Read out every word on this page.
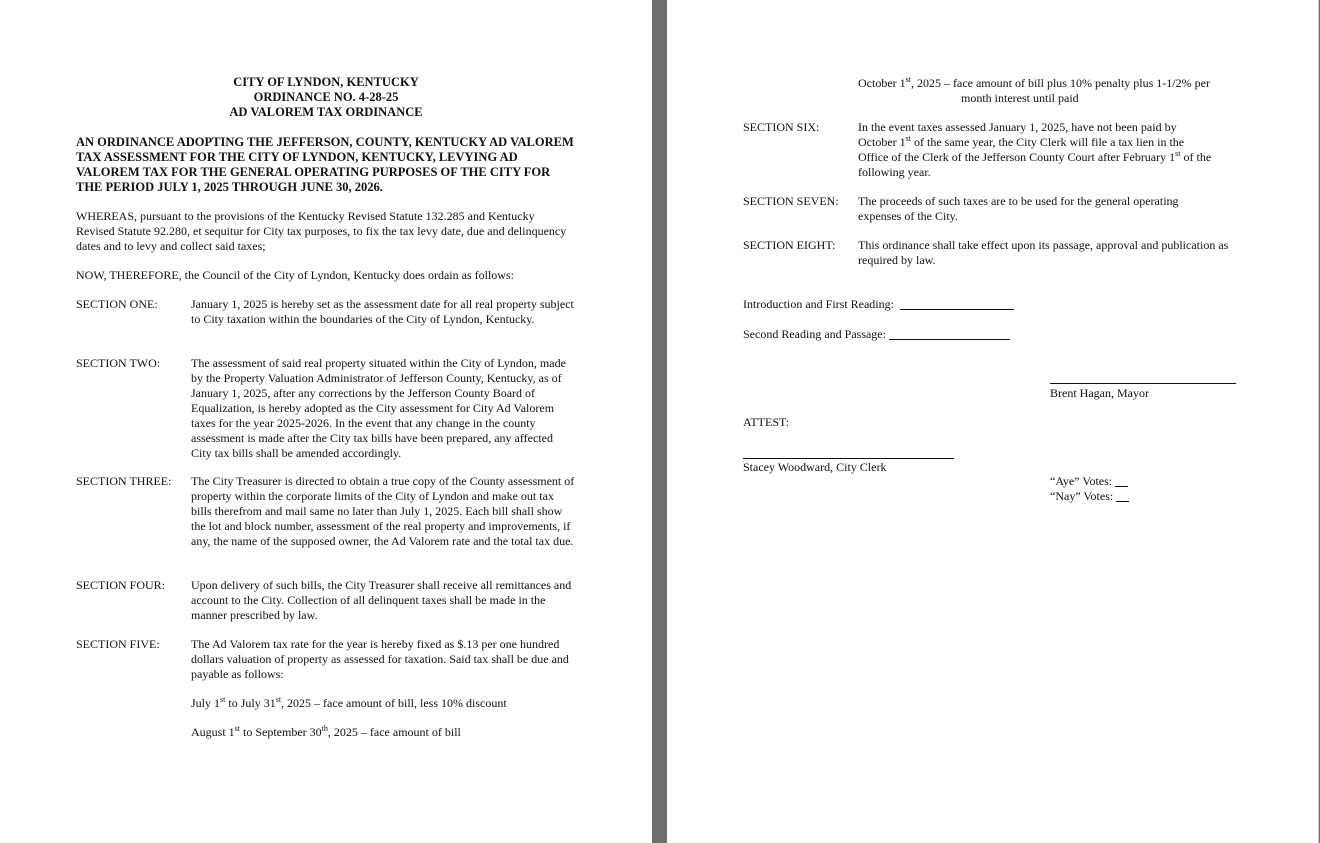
CITY OF LYNDON, KENTUCKY
ORDINANCE NO. 4-28-25
AD VALOREM TAX ORDINANCE
AN ORDINANCE ADOPTING THE JEFFERSON, COUNTY, KENTUCKY AD VALOREM TAX ASSESSMENT FOR THE CITY OF LYNDON, KENTUCKY, LEVYING AD VALOREM TAX FOR THE GENERAL OPERATING PURPOSES OF THE CITY FOR THE PERIOD JULY 1, 2025 THROUGH JUNE 30, 2026.
WHEREAS, pursuant to the provisions of the Kentucky Revised Statute 132.285 and Kentucky Revised Statute 92.280, et sequitur for City tax purposes, to fix the tax levy date, due and delinquency dates and to levy and collect said taxes;
NOW, THEREFORE, the Council of the City of Lyndon, Kentucky does ordain as follows:
SECTION ONE:	January 1, 2025 is hereby set as the assessment date for all real property subject to City taxation within the boundaries of the City of Lyndon, Kentucky.
SECTION TWO:	The assessment of said real property situated within the City of Lyndon, made by the Property Valuation Administrator of Jefferson County, Kentucky, as of January 1, 2025, after any corrections by the Jefferson County Board of Equalization, is hereby adopted as the City assessment for City Ad Valorem taxes for the year 2025-2026. In the event that any change in the county assessment is made after the City tax bills have been prepared, any affected City tax bills shall be amended accordingly.
SECTION THREE: The City Treasurer is directed to obtain a true copy of the County assessment of property within the corporate limits of the City of Lyndon and make out tax bills therefrom and mail same no later than July 1, 2025. Each bill shall show the lot and block number, assessment of the real property and improvements, if any, the name of the supposed owner, the Ad Valorem rate and the total tax due.
SECTION FOUR: Upon delivery of such bills, the City Treasurer shall receive all remittances and account to the City. Collection of all delinquent taxes shall be made in the manner prescribed by law.
SECTION FIVE:	The Ad Valorem tax rate for the year is hereby fixed as $.13 per one hundred dollars valuation of property as assessed for taxation. Said tax shall be due and payable as follows:
July 1st to July 31st, 2025 – face amount of bill, less 10% discount
August 1st to September 30th, 2025 – face amount of bill
October 1st, 2025 – face amount of bill plus 10% penalty plus 1-1/2% per
month interest until paid
SECTION SIX:	In the event taxes assessed January 1, 2025, have not been paid by
October 1st of the same year, the City Clerk will file a tax lien in the
Office of the Clerk of the Jefferson County Court after February 1st of the
following year.
SECTION SEVEN: The proceeds of such taxes are to be used for the general operating expenses of the City.
SECTION EIGHT: This ordinance shall take effect upon its passage, approval and publication as required by law.
Introduction and First Reading:
Second Reading and Passage:
Brent Hagan, Mayor
ATTEST:
Stacey Woodward, City Clerk
“Aye” Votes:
“Nay” Votes:
